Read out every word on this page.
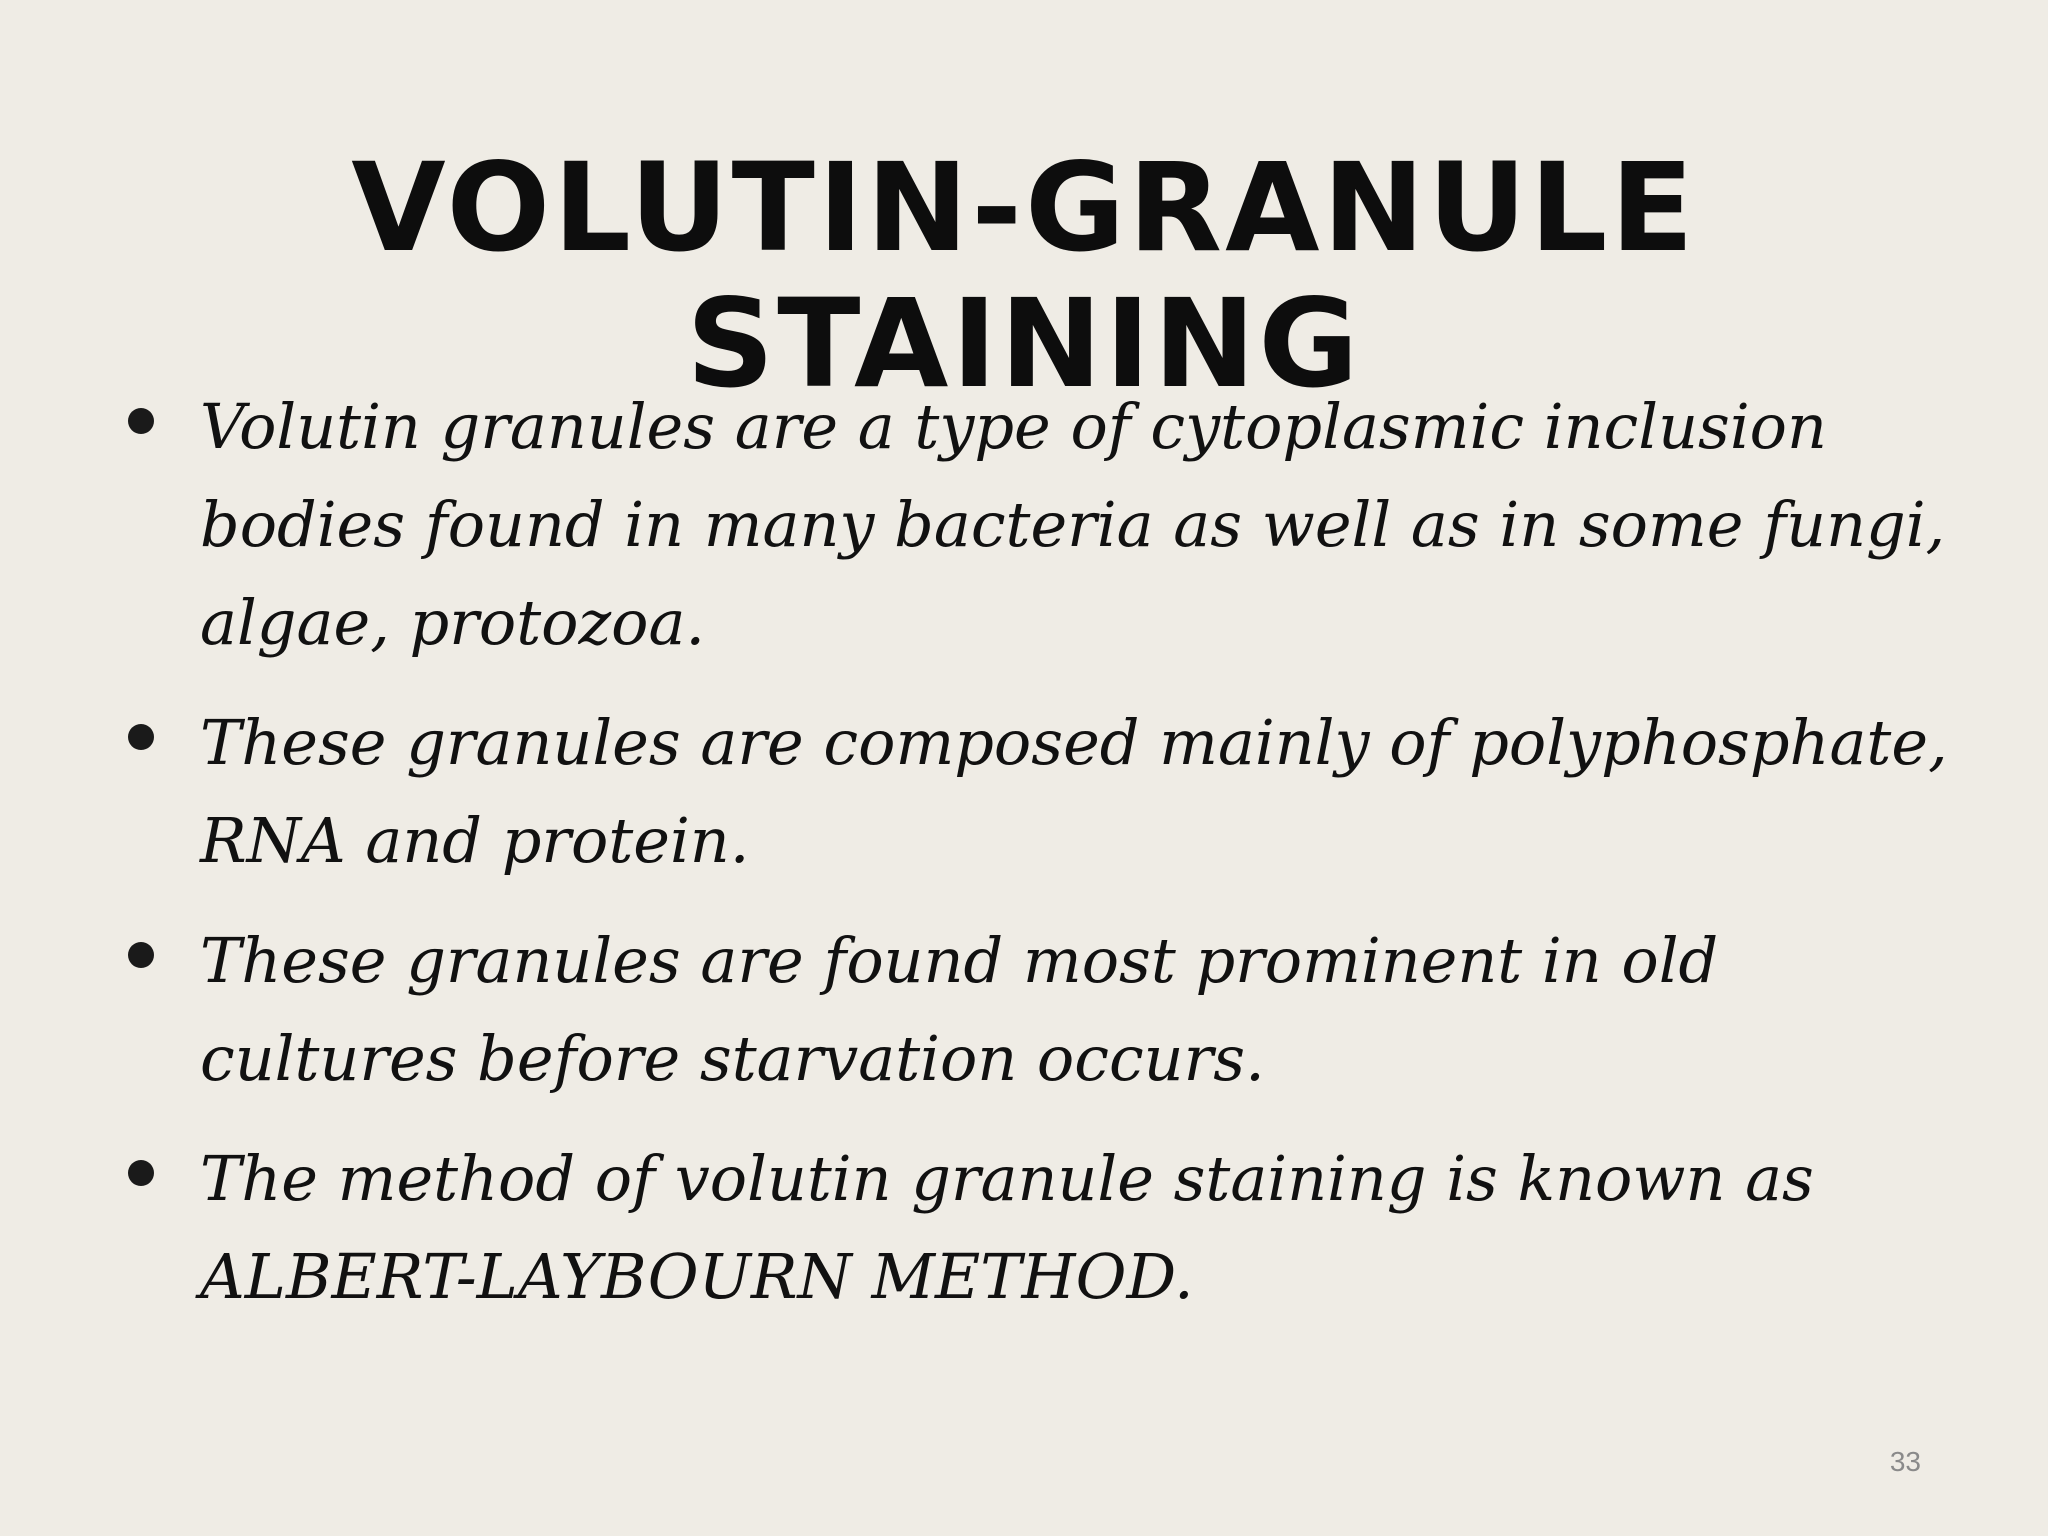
VOLUTIN-GRANULE
STAINING
Volutin granules are a type of cytoplasmic inclusion bodies found in many bacteria as well as in some fungi, algae, protozoa.
These granules are composed mainly of polyphosphate, RNA and protein.
These granules are found most prominent in old cultures before starvation occurs.
The method of volutin granule staining is known as ALBERT-LAYBOURN METHOD.
33
